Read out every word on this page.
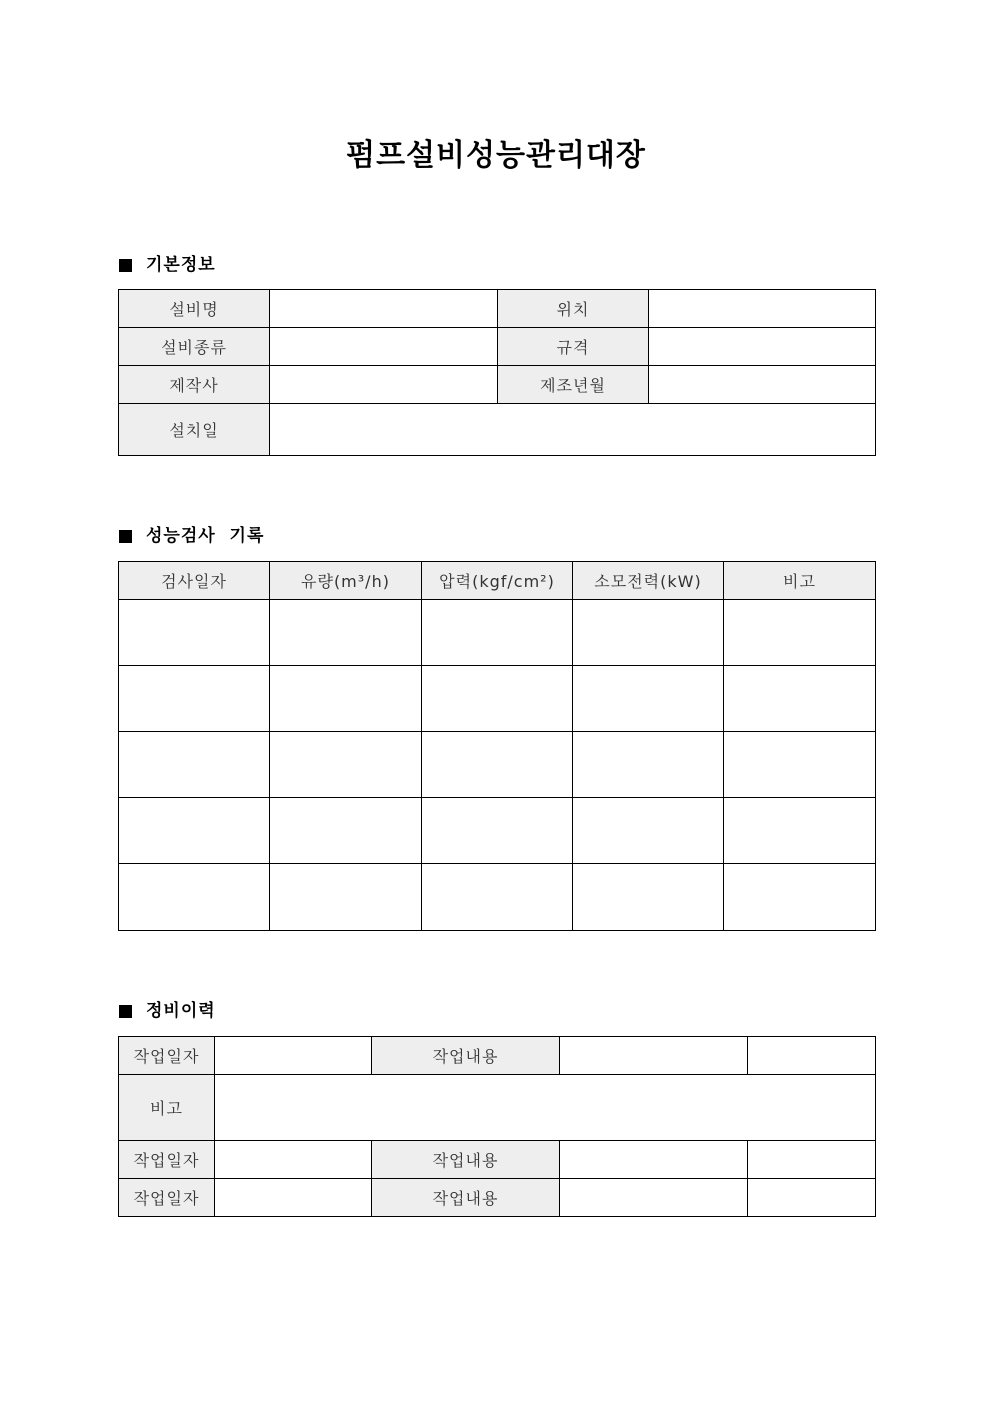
펌프설비성능관리대장
기본정보
설비명		위치	
설비종류		규격	
제작사		제조년월	
설치일			
성능검사  기록
검사일자	유량(m³/h)	압력(kgf/cm²)	소모전력(kW)	비고

정비이력
작업일자		작업내용		
비고				
작업일자		작업내용		
작업일자		작업내용		
